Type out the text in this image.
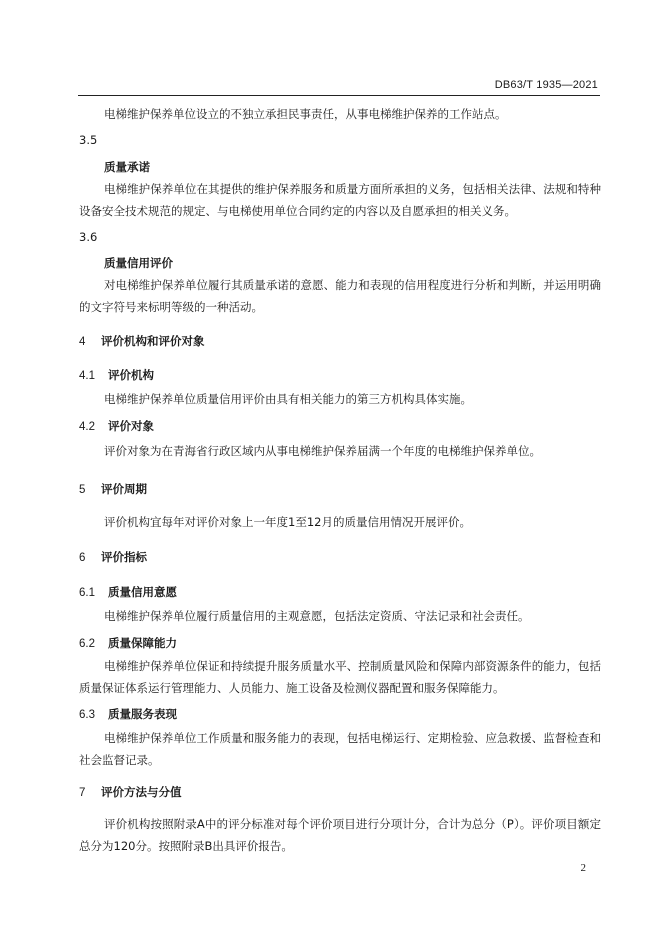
DB63/T 1935—2021
电梯维护保养单位设立的不独立承担民事责任，从事电梯维护保养的工作站点。
3.5
质量承诺
电梯维护保养单位在其提供的维护保养服务和质量方面所承担的义务，包括相关法律、法规和特种设备安全技术规范的规定、与电梯使用单位合同约定的内容以及自愿承担的相关义务。
3.6
质量信用评价
对电梯维护保养单位履行其质量承诺的意愿、能力和表现的信用程度进行分析和判断，并运用明确的文字符号来标明等级的一种活动。
4 评价机构和评价对象
4.1 评价机构
电梯维护保养单位质量信用评价由具有相关能力的第三方机构具体实施。
4.2 评价对象
评价对象为在青海省行政区域内从事电梯维护保养届满一个年度的电梯维护保养单位。
5 评价周期
评价机构宜每年对评价对象上一年度1至12月的质量信用情况开展评价。
6 评价指标
6.1 质量信用意愿
电梯维护保养单位履行质量信用的主观意愿，包括法定资质、守法记录和社会责任。
6.2 质量保障能力
电梯维护保养单位保证和持续提升服务质量水平、控制质量风险和保障内部资源条件的能力，包括质量保证体系运行管理能力、人员能力、施工设备及检测仪器配置和服务保障能力。
6.3 质量服务表现
电梯维护保养单位工作质量和服务能力的表现，包括电梯运行、定期检验、应急救援、监督检查和社会监督记录。
7 评价方法与分值
评价机构按照附录A中的评分标准对每个评价项目进行分项计分，合计为总分（P）。评价项目额定总分为120分。按照附录B出具评价报告。
2
